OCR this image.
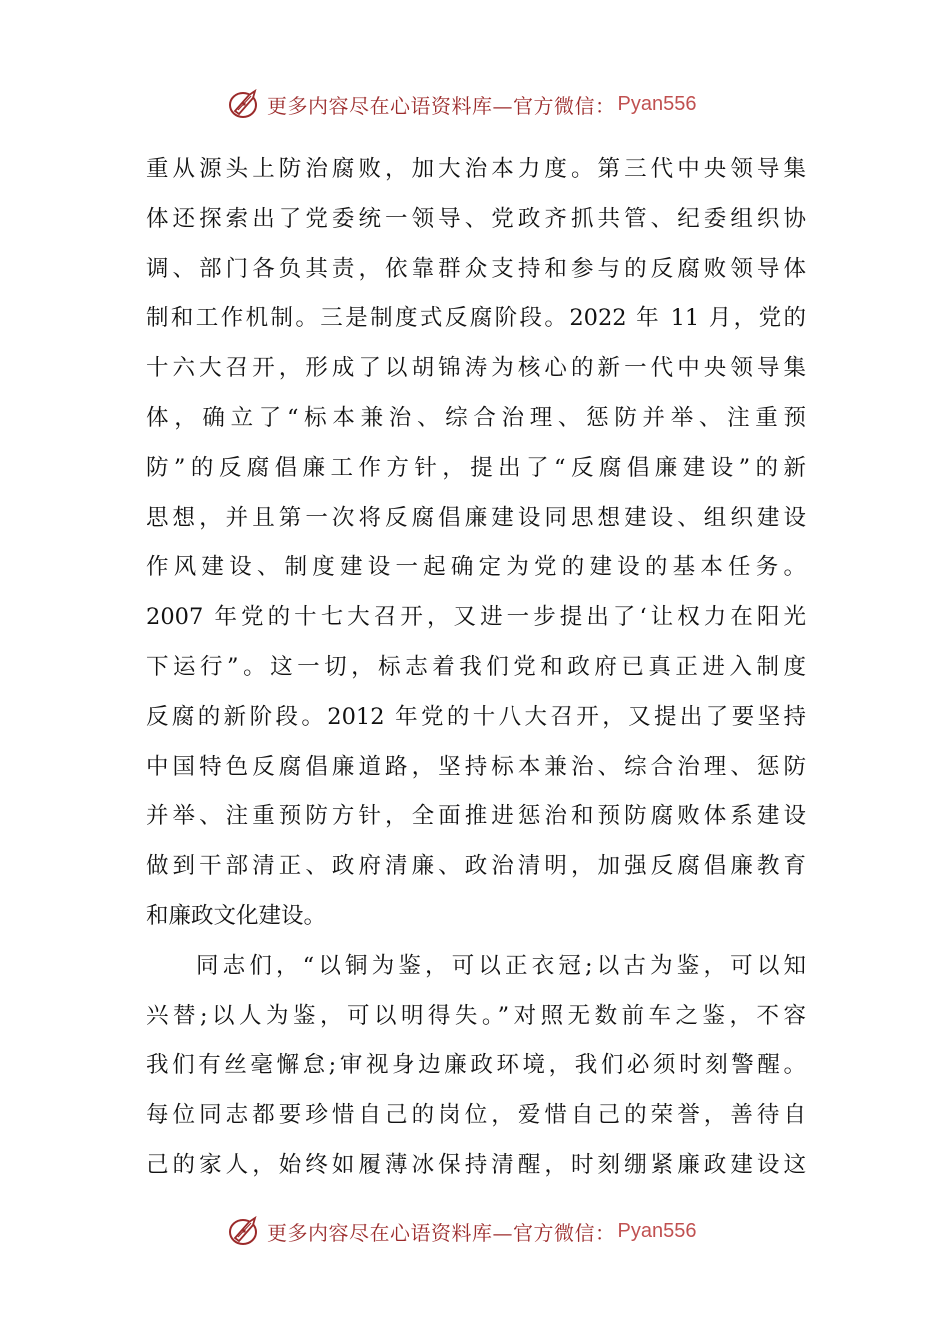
更多内容尽在心语资料库—官方微信： Pyan556
重从源头上防治腐败，加大治本力度。第三代中央领导集
体还探索出了党委统一领导、党政齐抓共管、纪委组织协
调、部门各负其责，依靠群众支持和参与的反腐败领导体
制和工作机制。三是制度式反腐阶段。2022 年 11 月，党的
十六大召开，形成了以胡锦涛为核心的新一代中央领导集
体，确立了“标本兼治、综合治理、惩防并举、注重预
防”的反腐倡廉工作方针，提出了“反腐倡廉建设”的新
思想，并且第一次将反腐倡廉建设同思想建设、组织建设
作风建设、制度建设一起确定为党的建设的基本任务。
2007 年党的十七大召开，又进一步提出了‘让权力在阳光
下运行”。这一切，标志着我们党和政府已真正进入制度
反腐的新阶段。2012 年党的十八大召开，又提出了要坚持
中国特色反腐倡廉道路，坚持标本兼治、综合治理、惩防
并举、注重预防方针，全面推进惩治和预防腐败体系建设
做到干部清正、政府清廉、政治清明，加强反腐倡廉教育
和廉政文化建设。
同志们，“以铜为鉴，可以正衣冠;以古为鉴，可以知
兴替;以人为鉴，可以明得失。”对照无数前车之鉴，不容
我们有丝毫懈怠;审视身边廉政环境，我们必须时刻警醒。
每位同志都要珍惜自己的岗位，爱惜自己的荣誉，善待自
己的家人，始终如履薄冰保持清醒，时刻绷紧廉政建设这
更多内容尽在心语资料库—官方微信： Pyan556
